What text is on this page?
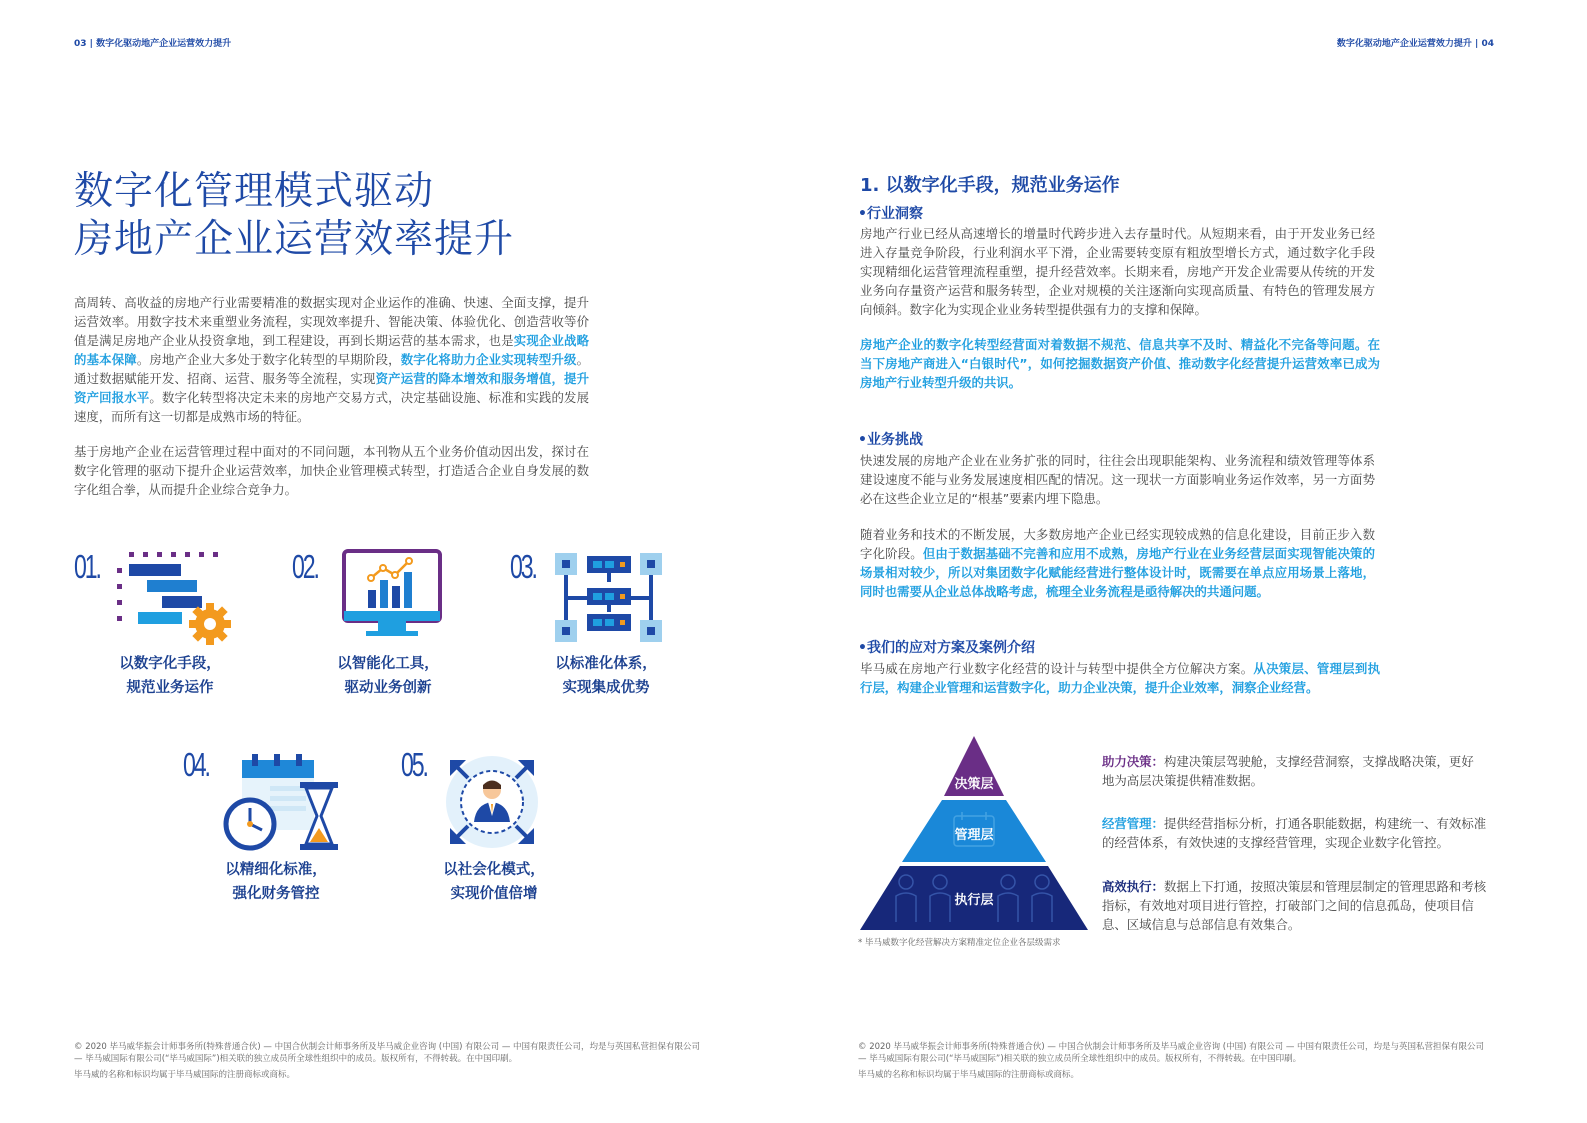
03 | 数字化驱动地产企业运营效力提升	数字化驱动地产企业运营效力提升 | 04
数字化管理模式驱动
房地产企业运营效率提升
高周转、高收益的房地产行业需要精准的数据实现对企业运作的准确、快速、全面支撑，提升运营效率。用数字技术来重塑业务流程，实现效率提升、智能决策、体验优化、创造营收等价值是满足房地产企业从投资拿地，到工程建设，再到长期运营的基本需求，也是实现企业战略的基本保障。房地产企业大多处于数字化转型的早期阶段，数字化将助力企业实现转型升级。通过数据赋能开发、招商、运营、服务等全流程，实现资产运营的降本增效和服务增值，提升资产回报水平。数字化转型将决定未来的房地产交易方式，决定基础设施、标准和实践的发展速度，而所有这一切都是成熟市场的特征。
基于房地产企业在运营管理过程中面对的不同问题，本刊物从五个业务价值动因出发，探讨在数字化管理的驱动下提升企业运营效率，加快企业管理模式转型，打造适合企业自身发展的数字化组合拳，从而提升企业综合竞争力。
01.
以数字化手段，
规范业务运作
02.
以智能化工具，
驱动业务创新
03.
以标准化体系，
实现集成优势
04.
以精细化标准，
强化财务管控
05.
以社会化模式，
实现价值倍增
© 2020 毕马威华振会计师事务所(特殊普通合伙) — 中国合伙制会计师事务所及毕马威企业咨询 (中国) 有限公司 — 中国有限责任公司，均是与英国私营担保有限公司 — 毕马威国际有限公司(“毕马威国际”)相关联的独立成员所全球性组织中的成员。版权所有，不得转载。在中国印刷。
毕马威的名称和标识均属于毕马威国际的注册商标或商标。
1. 以数字化手段，规范业务运作
•行业洞察
房地产行业已经从高速增长的增量时代跨步进入去存量时代。从短期来看，由于开发业务已经进入存量竞争阶段，行业利润水平下滑，企业需要转变原有粗放型增长方式，通过数字化手段实现精细化运营管理流程重塑，提升经营效率。长期来看，房地产开发企业需要从传统的开发业务向存量资产运营和服务转型，企业对规模的关注逐渐向实现高质量、有特色的管理发展方向倾斜。数字化为实现企业业务转型提供强有力的支撑和保障。
房地产企业的数字化转型经营面对着数据不规范、信息共享不及时、精益化不完备等问题。在当下房地产商进入“白银时代”，如何挖掘数据资产价值、推动数字化经营提升运营效率已成为房地产行业转型升级的共识。
•业务挑战
快速发展的房地产企业在业务扩张的同时，往往会出现职能架构、业务流程和绩效管理等体系建设速度不能与业务发展速度相匹配的情况。这一现状一方面影响业务运作效率，另一方面势必在这些企业立足的“根基”要素内埋下隐患。
随着业务和技术的不断发展，大多数房地产企业已经实现较成熟的信息化建设，目前正步入数字化阶段。但由于数据基础不完善和应用不成熟，房地产行业在业务经营层面实现智能决策的场景相对较少，所以对集团数字化赋能经营进行整体设计时，既需要在单点应用场景上落地，同时也需要从企业总体战略考虑，梳理全业务流程是亟待解决的共通问题。
•我们的应对方案及案例介绍
毕马威在房地产行业数字化经营的设计与转型中提供全方位解决方案。从决策层、管理层到执行层，构建企业管理和运营数字化，助力企业决策，提升企业效率，洞察企业经营。
决策层
管理层
执行层
* 毕马威数字化经营解决方案精准定位企业各层级需求
助力决策：构建决策层驾驶舱，支撑经营洞察，支撑战略决策，更好地为高层决策提供精准数据。
经营管理：提供经营指标分析，打通各职能数据，构建统一、有效标准的经营体系，有效快速的支撑经营管理，实现企业数字化管控。
高效执行：数据上下打通，按照决策层和管理层制定的管理思路和考核指标，有效地对项目进行管控，打破部门之间的信息孤岛，使项目信息、区域信息与总部信息有效集合。
© 2020 毕马威华振会计师事务所(特殊普通合伙) — 中国合伙制会计师事务所及毕马威企业咨询 (中国) 有限公司 — 中国有限责任公司，均是与英国私营担保有限公司 — 毕马威国际有限公司(“毕马威国际”)相关联的独立成员所全球性组织中的成员。版权所有，不得转载。在中国印刷。
毕马威的名称和标识均属于毕马威国际的注册商标或商标。
